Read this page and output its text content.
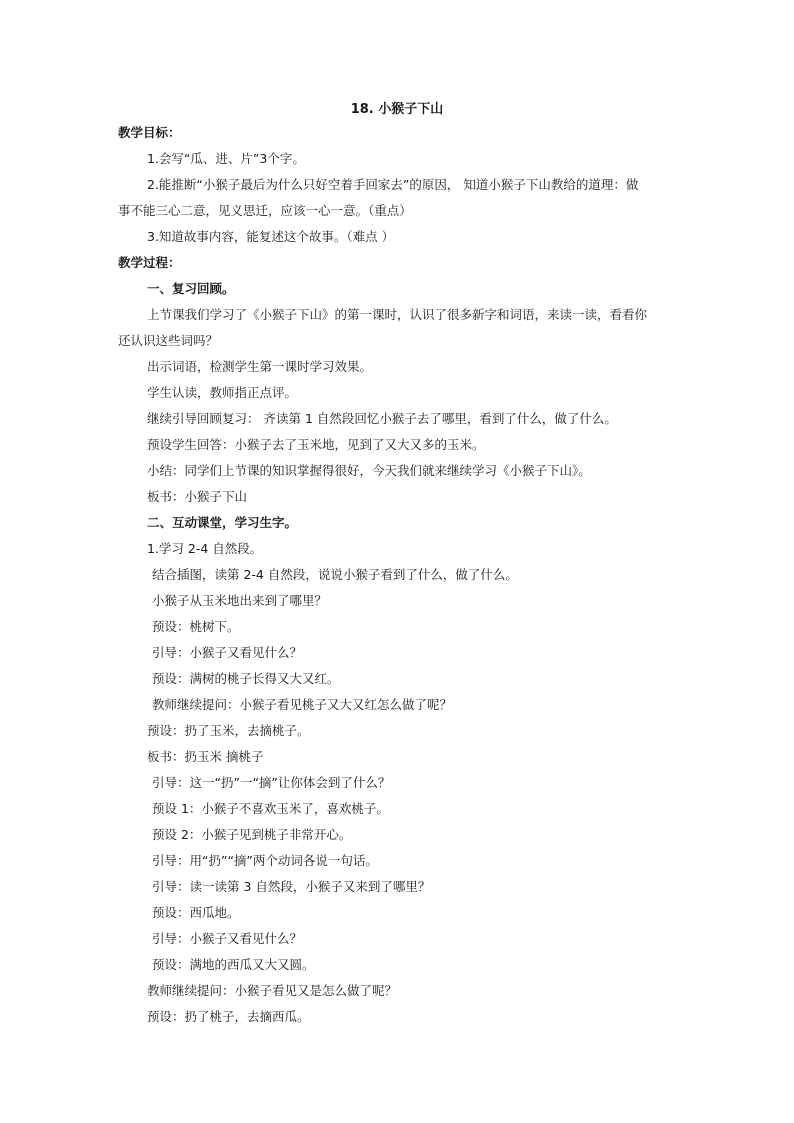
18. 小猴子下山
教学目标：
1.会写“瓜、进、片”3个字。
2.能推断“小猴子最后为什么只好空着手回家去”的原因， 知道小猴子下山教给的道理：做
事不能三心二意，见义思迁，应该一心一意。（重点）
3.知道故事内容，能复述这个故事。（难点 ）
教学过程：
一、复习回顾。
上节课我们学习了《小猴子下山》的第一课时，认识了很多新字和词语，来读一读，看看你
还认识这些词吗？
出示词语，检测学生第一课时学习效果。
学生认读，教师指正点评。
继续引导回顾复习： 齐读第 1 自然段回忆小猴子去了哪里，看到了什么，做了什么。
预设学生回答：小猴子去了玉米地，见到了又大又多的玉米。
小结：同学们上节课的知识掌握得很好，今天我们就来继续学习《小猴子下山》。
板书：小猴子下山
二、互动课堂，学习生字。
1.学习 2-4 自然段。
结合插图，读第 2-4 自然段，说说小猴子看到了什么，做了什么。
小猴子从玉米地出来到了哪里？
预设：桃树下。
引导：小猴子又看见什么？
预设：满树的桃子长得又大又红。
教师继续提问：小猴子看见桃子又大又红怎么做了呢？
预设：扔了玉米，去摘桃子。
板书：扔玉米 摘桃子
引导：这一“扔”一“摘”让你体会到了什么？
预设 1：小猴子不喜欢玉米了，喜欢桃子。
预设 2：小猴子见到桃子非常开心。
引导：用“扔”“摘”两个动词各说一句话。
引导：读一读第 3 自然段，小猴子又来到了哪里？
预设：西瓜地。
引导：小猴子又看见什么？
预设：满地的西瓜又大又圆。
教师继续提问：小猴子看见又是怎么做了呢？
预设：扔了桃子，去摘西瓜。
